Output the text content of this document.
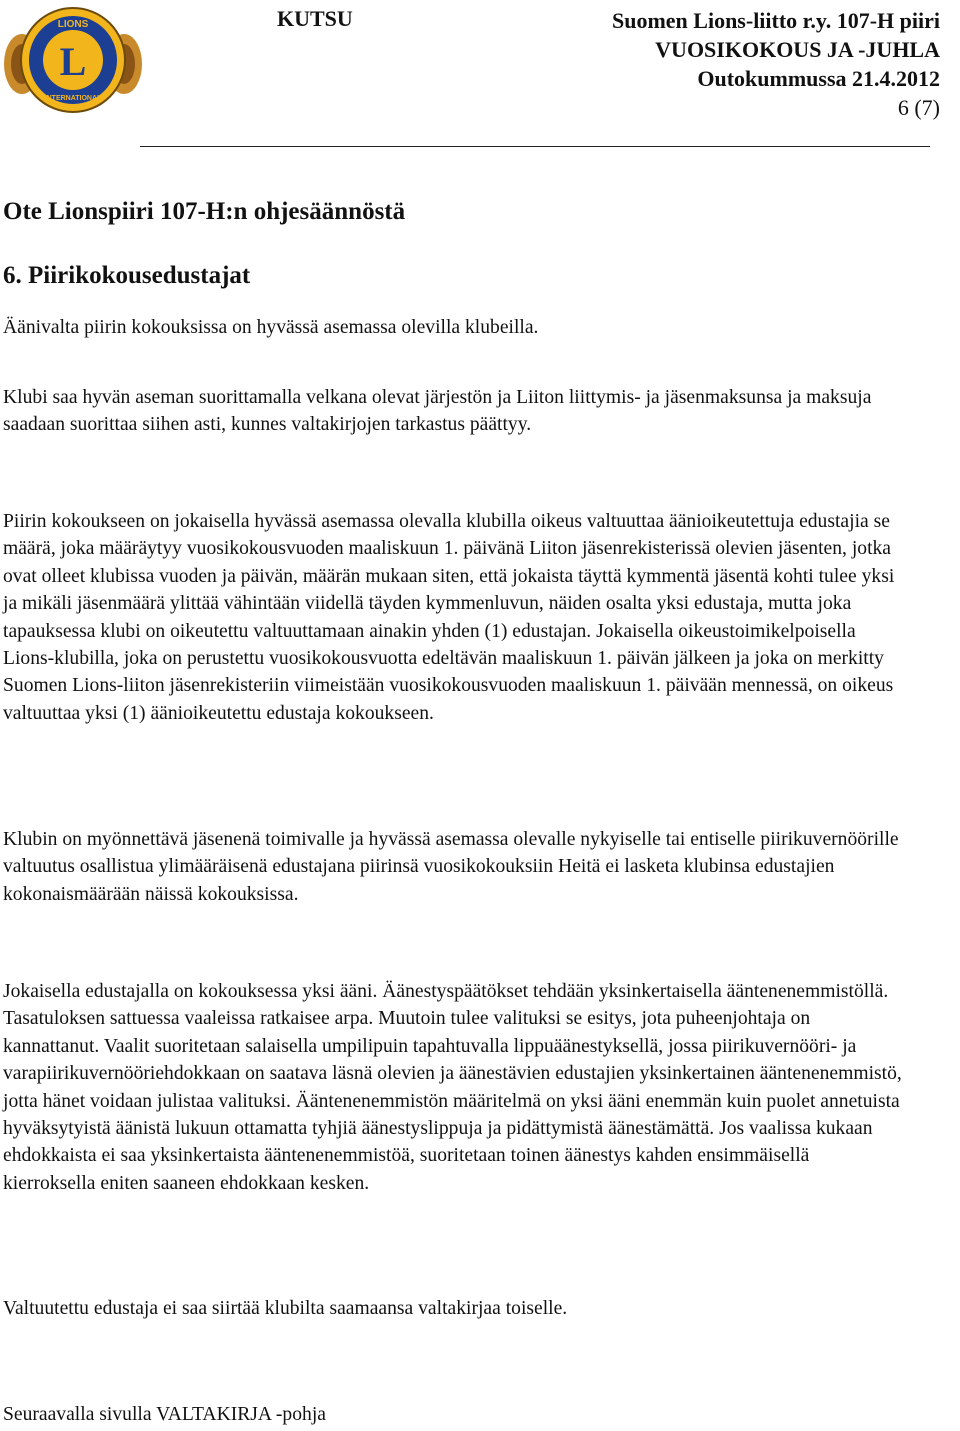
L
LIONS
INTERNATIONAL
KUTSU	Suomen Lions-liitto r.y. 107-H piiri
VUOSIKOKOUS JA -JUHLA
Outokummussa 21.4.2012
6 (7)
Ote Lionspiiri 107-H:n ohjesäännöstä
6. Piirikokousedustajat

Äänivalta piirin kokouksissa on hyvässä asemassa olevilla klubeilla.

Klubi saa hyvän aseman suorittamalla velkana olevat järjestön ja Liiton liittymis- ja jäsenmaksunsa ja maksuja saadaan suorittaa siihen asti, kunnes valtakirjojen tarkastus päättyy.

Piirin kokoukseen on jokaisella hyvässä asemassa olevalla klubilla oikeus valtuuttaa äänioikeutettuja edustajia se määrä, joka määräytyy vuosikokousvuoden maaliskuun 1. päivänä Liiton jäsenrekisterissä olevien jäsenten, jotka ovat olleet klubissa vuoden ja päivän, määrän mukaan siten, että jokaista täyttä kymmentä jäsentä kohti tulee yksi ja mikäli jäsenmäärä ylittää vähintään viidellä täyden kymmenluvun, näiden osalta yksi edustaja, mutta joka tapauksessa klubi on oikeutettu valtuuttamaan ainakin yhden (1) edustajan. Jokaisella oikeustoimikelpoisella Lions-klubilla, joka on perustettu vuosikokousvuotta edeltävän maaliskuun 1. päivän jälkeen ja joka on merkitty Suomen Lions-liiton jäsenrekisteriin viimeistään vuosikokousvuoden maaliskuun 1. päivään mennessä, on oikeus valtuuttaa yksi (1) äänioikeutettu edustaja kokoukseen.

Klubin on myönnettävä jäsenenä toimivalle ja hyvässä asemassa olevalle nykyiselle tai entiselle piirikuvernöörille valtuutus osallistua ylimääräisenä edustajana piirinsä vuosikokouksiin Heitä ei lasketa klubinsa edustajien kokonaismäärään näissä kokouksissa.

Jokaisella edustajalla on kokouksessa yksi ääni. Äänestyspäätökset tehdään yksinkertaisella ääntenenemmistöllä. Tasatuloksen sattuessa vaaleissa ratkaisee arpa. Muutoin tulee valituksi se esitys, jota puheenjohtaja on kannattanut. Vaalit suoritetaan salaisella umpilipuin tapahtuvalla lippuäänestyksellä, jossa piirikuvernööri- ja varapiirikuvernööriehdokkaan on saatava läsnä olevien ja äänestävien edustajien yksinkertainen ääntenenemmistö, jotta hänet voidaan julistaa valituksi. Ääntenenemmistön määritelmä on yksi ääni enemmän kuin puolet annetuista hyväksytyistä äänistä lukuun ottamatta tyhjiä äänestyslippuja ja pidättymistä äänestämättä. Jos vaalissa kukaan ehdokkaista ei saa yksinkertaista ääntenenemmistöä, suoritetaan toinen äänestys kahden ensimmäisellä kierroksella eniten saaneen ehdokkaan kesken.

Valtuutettu edustaja ei saa siirtää klubilta saamaansa valtakirjaa toiselle.

Seuraavalla sivulla VALTAKIRJA -pohja
